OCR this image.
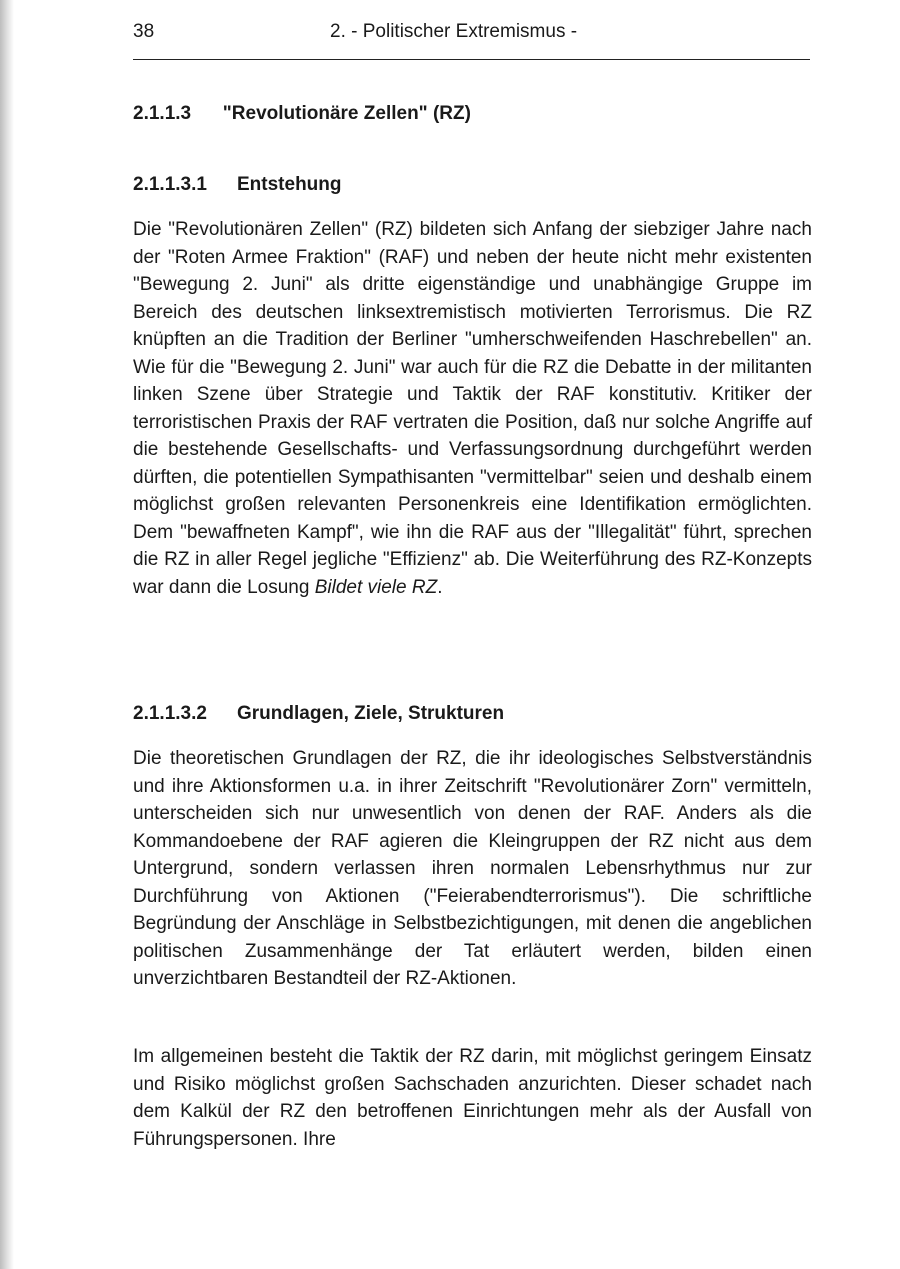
38	2. - Politischer Extremismus -
2.1.1.3 "Revolutionäre Zellen" (RZ)
2.1.1.3.1 Entstehung

Die "Revolutionären Zellen" (RZ) bildeten sich Anfang der siebziger Jahre nach der "Roten Armee Fraktion" (RAF) und neben der heute nicht mehr existenten "Bewegung 2. Juni" als dritte eigenständige und unabhängige Gruppe im Bereich des deutschen linksextremistisch motivierten Terrorismus. Die RZ knüpften an die Tradition der Berliner "umherschweifenden Haschrebellen" an. Wie für die "Bewegung 2. Juni" war auch für die RZ die Debatte in der militanten linken Szene über Strategie und Taktik der RAF konstitutiv. Kritiker der terroristischen Praxis der RAF vertraten die Position, daß nur solche Angriffe auf die bestehende Gesellschafts- und Verfassungsordnung durchgeführt werden dürften, die potentiellen Sympathisanten "vermittelbar" seien und deshalb einem möglichst großen relevanten Personenkreis eine Identifikation ermöglichten. Dem "bewaffneten Kampf", wie ihn die RAF aus der "Illegalität" führt, sprechen die RZ in aller Regel jegliche "Effizienz" ab. Die Weiterführung des RZ-Konzepts war dann die Losung Bildet viele RZ.

2.1.1.3.2 Grundlagen, Ziele, Strukturen

Die theoretischen Grundlagen der RZ, die ihr ideologisches Selbstverständnis und ihre Aktionsformen u.a. in ihrer Zeitschrift "Revolutionärer Zorn" vermitteln, unterscheiden sich nur unwesentlich von denen der RAF. Anders als die Kommandoebene der RAF agieren die Kleingruppen der RZ nicht aus dem Untergrund, sondern verlassen ihren normalen Lebensrhythmus nur zur Durchführung von Aktionen ("Feierabendterrorismus"). Die schriftliche Begründung der Anschläge in Selbstbezichtigungen, mit denen die angeblichen politischen Zusammenhänge der Tat erläutert werden, bilden einen unverzichtbaren Bestandteil der RZ-Aktionen.

Im allgemeinen besteht die Taktik der RZ darin, mit möglichst geringem Einsatz und Risiko möglichst großen Sachschaden anzurichten. Dieser schadet nach dem Kalkül der RZ den betroffenen Einrichtungen mehr als der Ausfall von Führungspersonen. Ihre
